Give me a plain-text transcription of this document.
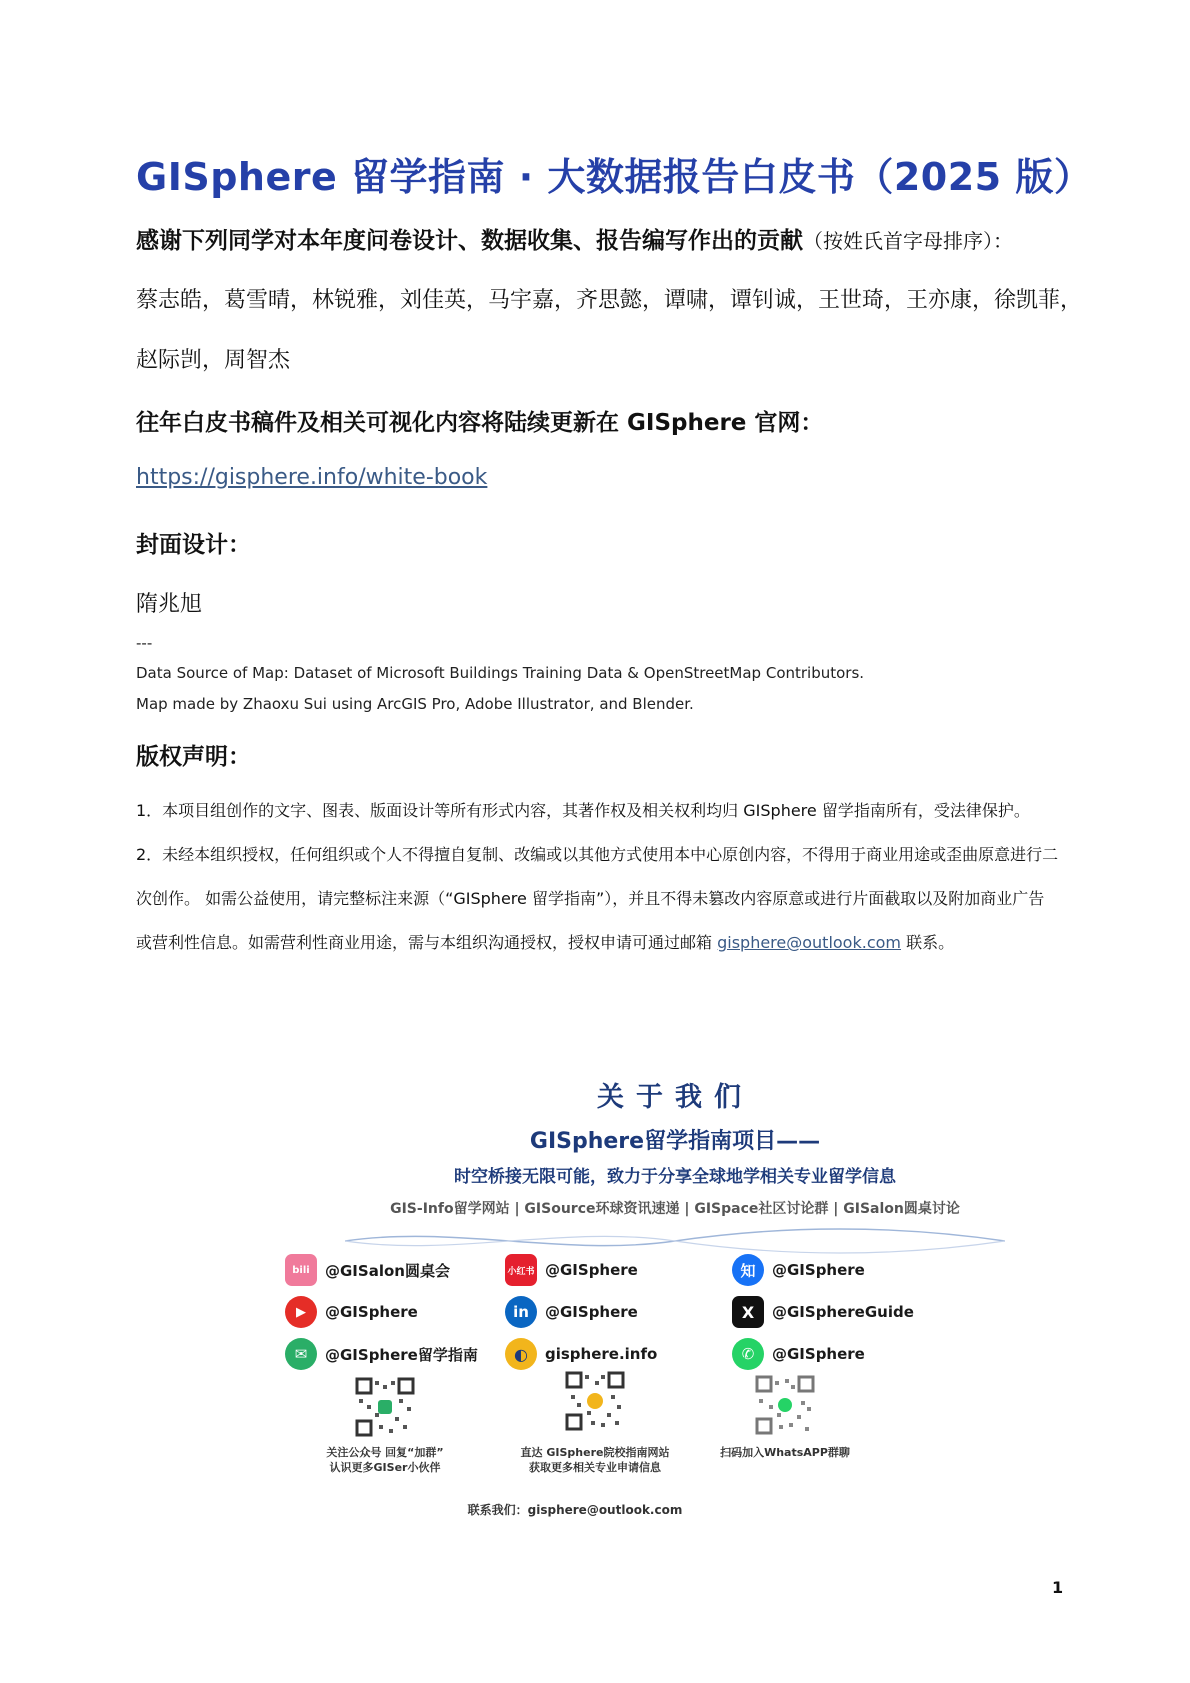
GISphere 留学指南 · 大数据报告白皮书（2025 版）
感谢下列同学对本年度问卷设计、数据收集、报告编写作出的贡献（按姓氏首字母排序）：
蔡志皓，葛雪晴，林锐雅，刘佳英，马宇嘉，齐思懿，谭啸，谭钊诚，王世琦，王亦康，徐凯菲，
赵际剀，周智杰
往年白皮书稿件及相关可视化内容将陆续更新在 GISphere 官网：
https://gisphere.info/white-book
封面设计：
隋兆旭
---
Data Source of Map: Dataset of Microsoft Buildings Training Data & OpenStreetMap Contributors.
Map made by Zhaoxu Sui using ArcGIS Pro, Adobe Illustrator, and Blender.
版权声明：
1．本项目组创作的文字、图表、版面设计等所有形式内容，其著作权及相关权利均归 GISphere 留学指南所有，受法律保护。
2．未经本组织授权，任何组织或个人不得擅自复制、改编或以其他方式使用本中心原创内容，不得用于商业用途或歪曲原意进行二
次创作。 如需公益使用，请完整标注来源（“GISphere 留学指南”），并且不得未篡改内容原意或进行片面截取以及附加商业广告
或营利性信息。如需营利性商业用途，需与本组织沟通授权，授权申请可通过邮箱 gisphere@outlook.com 联系。
关于我们
GISphere留学指南项目——
时空桥接无限可能，致力于分享全球地学相关专业留学信息
GIS-Info留学网站 | GISource环球资讯速递 | GISpace社区讨论群 | GISalon圆桌讨论
bili	@GISalon圆桌会	小红书 @GISphere	知	@GISphere
▶	@GISphere	in	@GISphere	X	@GISphereGuide
✉	@GISphere留学指南	◐	gisphere.info	✆	@GISphere
关注公众号 回复“加群”
认识更多GISer小伙伴
直达 GISphere院校指南网站
获取更多相关专业申请信息
扫码加入WhatsAPP群聊
联系我们：gisphere@outlook.com
1
